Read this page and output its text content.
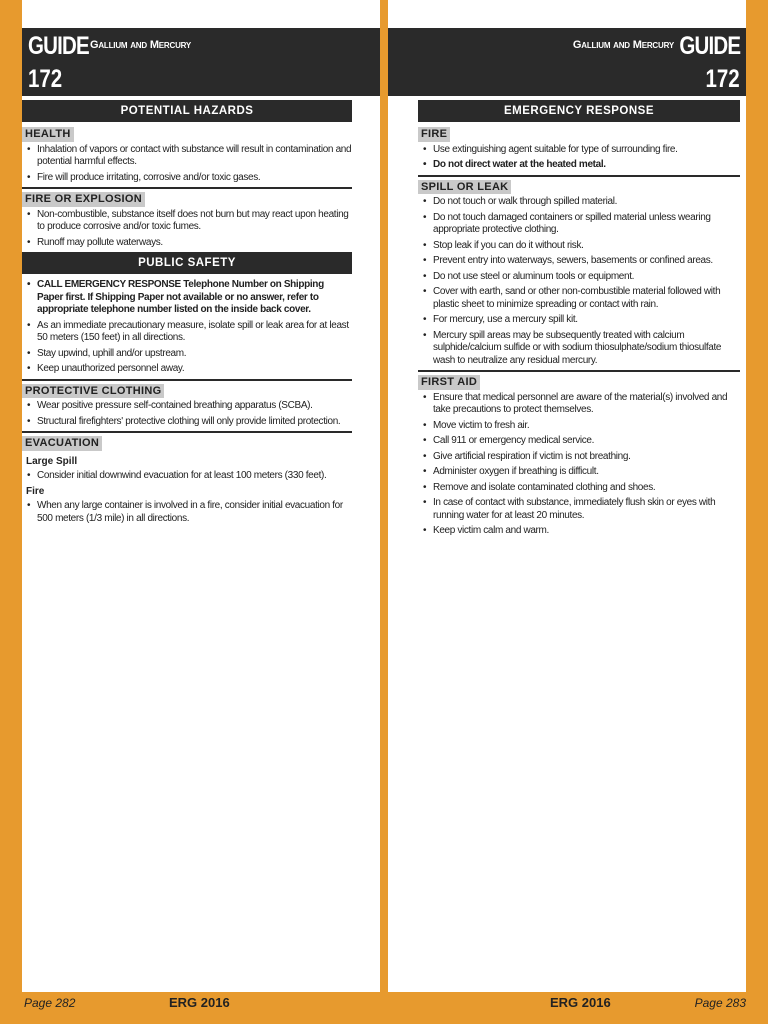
GUIDE
172
Gallium and Mercury
POTENTIAL HAZARDS
HEALTH
• Inhalation of vapors or contact with substance will result in contamination and potential harmful effects.
• Fire will produce irritating, corrosive and/or toxic gases.
FIRE OR EXPLOSION
• Non-combustible, substance itself does not burn but may react upon heating to produce corrosive and/or toxic fumes.
• Runoff may pollute waterways.
PUBLIC SAFETY
• CALL EMERGENCY RESPONSE Telephone Number on Shipping Paper first. If Shipping Paper not available or no answer, refer to appropriate telephone number listed on the inside back cover.
• As an immediate precautionary measure, isolate spill or leak area for at least 50 meters (150 feet) in all directions.
• Stay upwind, uphill and/or upstream.
• Keep unauthorized personnel away.
PROTECTIVE CLOTHING
• Wear positive pressure self-contained breathing apparatus (SCBA).
• Structural firefighters' protective clothing will only provide limited protection.
EVACUATION
Large Spill
• Consider initial downwind evacuation for at least 100 meters (330 feet).
Fire
• When any large container is involved in a fire, consider initial evacuation for 500 meters (1/3 mile) in all directions.
Gallium and Mercury GUIDE
172
EMERGENCY RESPONSE
FIRE
• Use extinguishing agent suitable for type of surrounding fire.
• Do not direct water at the heated metal.
SPILL OR LEAK
• Do not touch or walk through spilled material.
• Do not touch damaged containers or spilled material unless wearing appropriate protective clothing.
• Stop leak if you can do it without risk.
• Prevent entry into waterways, sewers, basements or confined areas.
• Do not use steel or aluminum tools or equipment.
• Cover with earth, sand or other non-combustible material followed with plastic sheet to minimize spreading or contact with rain.
• For mercury, use a mercury spill kit.
• Mercury spill areas may be subsequently treated with calcium sulphide/calcium sulfide or with sodium thiosulphate/sodium thiosulfate wash to neutralize any residual mercury.
FIRST AID
• Ensure that medical personnel are aware of the material(s) involved and take precautions to protect themselves.
• Move victim to fresh air.
• Call 911 or emergency medical service.
• Give artificial respiration if victim is not breathing.
• Administer oxygen if breathing is difficult.
• Remove and isolate contaminated clothing and shoes.
• In case of contact with substance, immediately flush skin or eyes with running water for at least 20 minutes.
• Keep victim calm and warm.
Page 282	ERG 2016	ERG 2016	Page 283
